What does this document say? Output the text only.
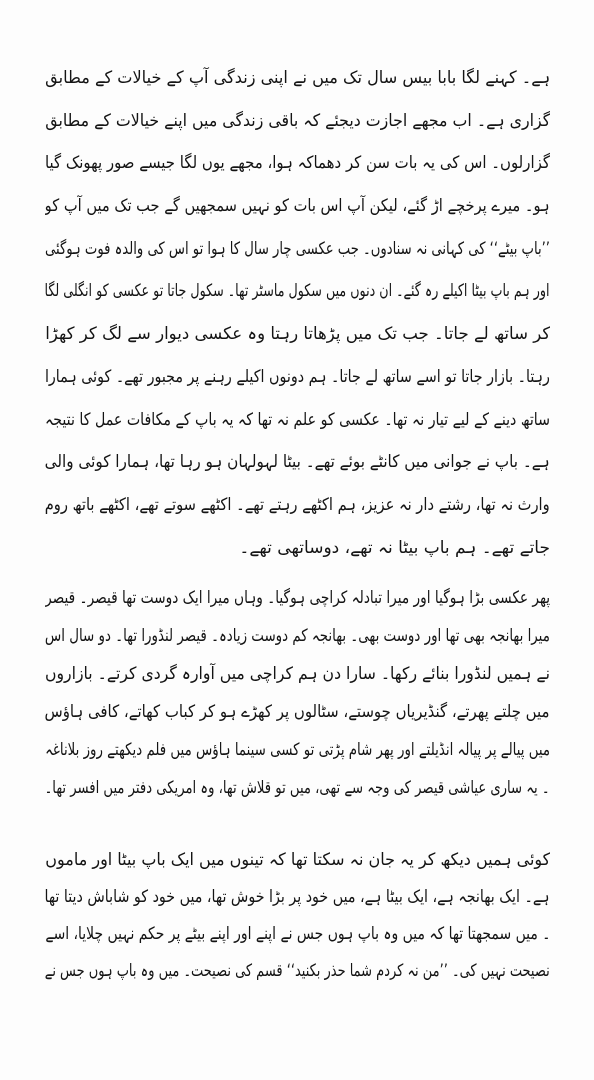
ہے۔ کہنے لگا بابا بیس سال تک میں نے اپنی زندگی آپ کے خیالات کے مطابق
گزاری ہے۔ اب مجھے اجازت دیجئے کہ باقی زندگی میں اپنے خیالات کے مطابق
گزارلوں۔ اس کی یہ بات سن کر دھماکہ ہوا، مجھے یوں لگا جیسے صور پھونک گیا
ہو۔ میرے پرخچے اڑ گئے، لیکن آپ اس بات کو نہیں سمجھیں گے جب تک میں آپ کو
’’باپ بیٹے‘‘ کی کہانی نہ سنادوں۔ جب عکسی چار سال کا ہوا تو اس کی والدہ فوت ہوگئی
اور ہم باپ بیٹا اکیلے رہ گئے۔ ان دنوں میں سکول ماسٹر تھا۔ سکول جاتا تو عکسی کو انگلی لگا
کر ساتھ لے جاتا۔ جب تک میں پڑھاتا رہتا وہ عکسی دیوار سے لگ کر کھڑا
رہتا۔ بازار جاتا تو اسے ساتھ لے جاتا۔ ہم دونوں اکیلے رہنے پر مجبور تھے۔ کوئی ہمارا
ساتھ دینے کے لیے تیار نہ تھا۔ عکسی کو علم نہ تھا کہ یہ باپ کے مکافات عمل کا نتیجہ
ہے۔ باپ نے جوانی میں کانٹے بوئے تھے۔ بیٹا لہولہان ہو رہا تھا، ہمارا کوئی والی
وارث نہ تھا، رشتے دار نہ عزیز، ہم اکٹھے رہتے تھے۔ اکٹھے سوتے تھے، اکٹھے باتھ روم
جاتے تھے۔ ہم باپ بیٹا نہ تھے، دوساتھی تھے۔
پھر عکسی بڑا ہوگیا اور میرا تبادلہ کراچی ہوگیا۔ وہاں میرا ایک دوست تھا قیصر۔ قیصر
میرا بھانجہ بھی تھا اور دوست بھی۔ بھانجہ کم دوست زیادہ۔ قیصر لنڈورا تھا۔ دو سال اس
نے ہمیں لنڈورا بنائے رکھا۔ سارا دن ہم کراچی میں آوارہ گردی کرتے۔ بازاروں
میں چلتے پھرتے، گنڈیریاں چوستے، سٹالوں پر کھڑے ہو کر کباب کھاتے، کافی ہاؤس
میں پیالے پر پیالہ انڈیلتے اور پھر شام پڑتی تو کسی سینما ہاؤس میں فلم دیکھتے روز بلاناغہ
۔ یہ ساری عیاشی قیصر کی وجہ سے تھی، میں تو قلاش تھا، وہ امریکی دفتر میں افسر تھا۔
کوئی ہمیں دیکھ کر یہ جان نہ سکتا تھا کہ تینوں میں ایک باپ بیٹا اور ماموں
ہے۔ ایک بھانجہ ہے، ایک بیٹا ہے، میں خود پر بڑا خوش تھا، میں خود کو شاباش دیتا تھا
۔ میں سمجھتا تھا کہ میں وہ باپ ہوں جس نے اپنے اور اپنے بیٹے پر حکم نہیں چلایا، اسے
نصیحت نہیں کی۔ ’’من نہ کردم شما حذر بکنید‘‘ قسم کی نصیحت۔ میں وہ باپ ہوں جس نے
